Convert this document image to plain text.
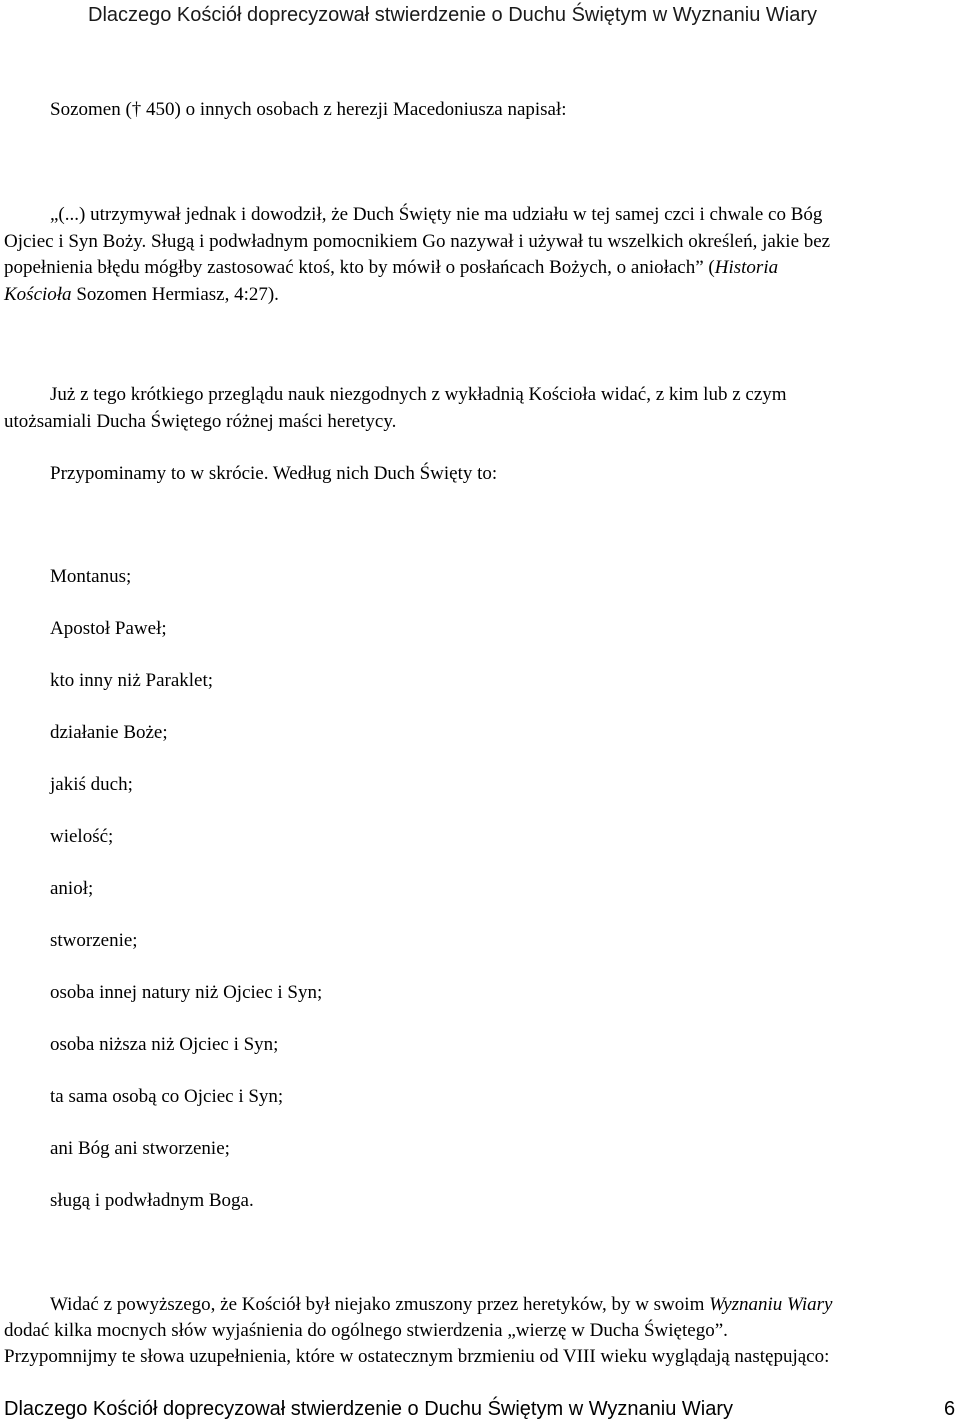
Dlaczego Kościół doprecyzował stwierdzenie o Duchu Świętym w Wyznaniu Wiary
Sozomen († 450) o innych osobach z herezji Macedoniusza napisał:
„(...) utrzymywał jednak i dowodził, że Duch Święty nie ma udziału w tej samej czci i chwale co Bóg
Ojciec i Syn Boży. Sługą i podwładnym pomocnikiem Go nazywał i używał tu wszelkich określeń, jakie bez
popełnienia błędu mógłby zastosować ktoś, kto by mówił o posłańcach Bożych, o aniołach” (Historia
Kościoła Sozomen Hermiasz, 4:27).
Już z tego krótkiego przeglądu nauk niezgodnych z wykładnią Kościoła widać, z kim lub z czym
utożsamiali Ducha Świętego różnej maści heretycy.
Przypominamy to w skrócie. Według nich Duch Święty to:
Montanus;
Apostoł Paweł;
kto inny niż Paraklet;
działanie Boże;
jakiś duch;
wielość;
anioł;
stworzenie;
osoba innej natury niż Ojciec i Syn;
osoba niższa niż Ojciec i Syn;
ta sama osobą co Ojciec i Syn;
ani Bóg ani stworzenie;
sługą i podwładnym Boga.
Widać z powyższego, że Kościół był niejako zmuszony przez heretyków, by w swoim Wyznaniu Wiary
dodać kilka mocnych słów wyjaśnienia do ogólnego stwierdzenia „wierzę w Ducha Świętego”.
Przypomnijmy te słowa uzupełnienia, które w ostatecznym brzmieniu od VIII wieku wyglądają następująco:
Dlaczego Kościół doprecyzował stwierdzenie o Duchu Świętym w Wyznaniu Wiary	6
